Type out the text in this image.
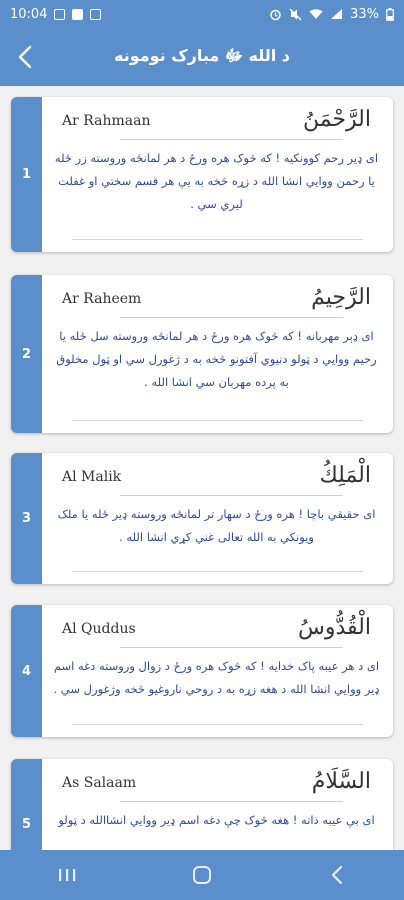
10:04	33%
د الله ﷻ مبارک نومونه
1
Ar Rahmaan	الرَّحْمَنُ
ای ډیر رحم کوونکیه ! که څوک هره ورځ د هر لمانځه وروسته زر ځله یا رحمن ووایي انشا الله د زړه څخه به يې هر قسم سختي او غفلت لیري سي .
2
Ar Raheem	الرَّحِيمُ
ای ډېر مهربانه ! که څوک هره ورځ د هر لمانځه وروسته سل ځله یا رحیم ووایي د ټولو دنیوي آفتونو څخه به د ژغورل سي او ټول مخلوق به پرده مهربان سي انشا الله .
3
Al Malik	الْمَلِكُ
ای حقیقي باچا ! هره ورځ د سهار تر لمانځه وروسته ډیر ځله یا ملک ویونکي به الله تعالی غني کړي انشا الله .
4
Al Quddus	الْقُدُّوسُ
ای د هر عیبه پاک خدایه ! که څوک هره ورځ د زوال وروسته دغه اسم ډیر ووایي انشا الله د هغه زړه به د روحي ناروغیو څخه وژغورل سي .
5
As Salaam	السَّلَامُ
ای بې عیبه ذاته ! هغه څوک چې دغه اسم ډیر ووایي انشاالله د ټولو
